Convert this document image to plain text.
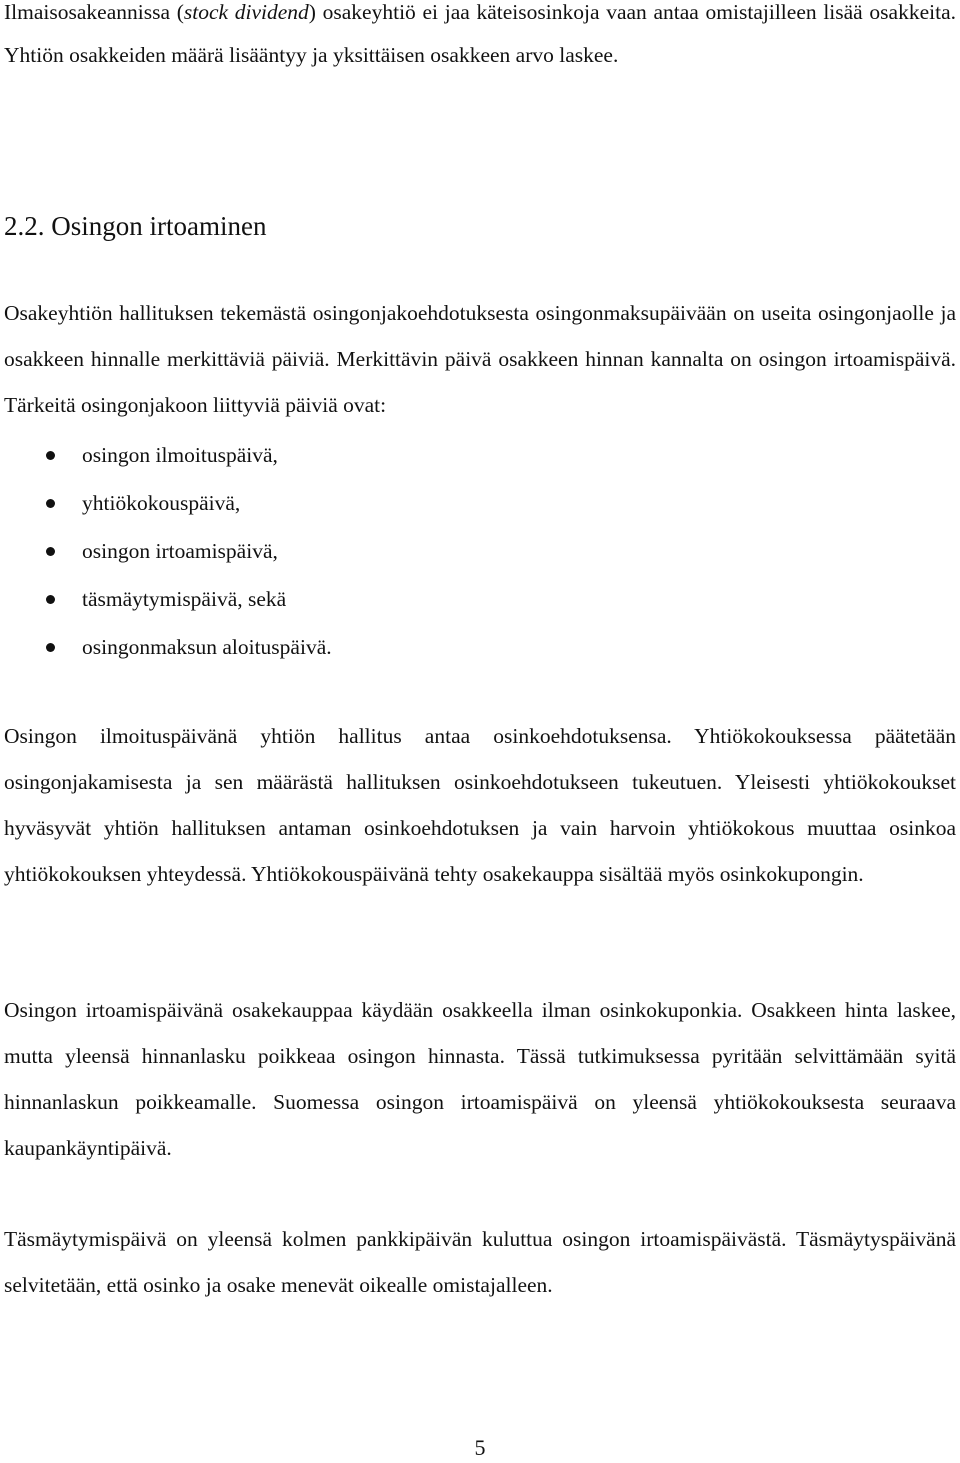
Ilmaisosakeannissa (stock dividend) osakeyhtiö ei jaa käteisosinkoja vaan antaa omistajilleen lisää osakkeita. Yhtiön osakkeiden määrä lisääntyy ja yksittäisen osakkeen arvo laskee.

2.2. Osingon irtoaminen

Osakeyhtiön hallituksen tekemästä osingonjakoehdotuksesta osingonmaksupäivään on useita osingonjaolle ja osakkeen hinnalle merkittäviä päiviä. Merkittävin päivä osakkeen hinnan kannalta on osingon irtoamispäivä. Tärkeitä osingonjakoon liittyviä päiviä ovat:

osingon ilmoituspäivä,
yhtiökokouspäivä,
osingon irtoamispäivä,
täsmäytymispäivä, sekä
osingonmaksun aloituspäivä.

Osingon ilmoituspäivänä yhtiön hallitus antaa osinkoehdotuksensa. Yhtiökokouksessa päätetään osingonjakamisesta ja sen määrästä hallituksen osinkoehdotukseen tukeutuen. Yleisesti yhtiökokoukset hyväsyvät yhtiön hallituksen antaman osinkoehdotuksen ja vain harvoin yhtiökokous muuttaa osinkoa yhtiökokouksen yhteydessä. Yhtiökokouspäivänä tehty osakekauppa sisältää myös osinkokupongin.

Osingon irtoamispäivänä osakekauppaa käydään osakkeella ilman osinkokuponkia. Osakkeen hinta laskee, mutta yleensä hinnanlasku poikkeaa osingon hinnasta. Tässä tutkimuksessa pyritään selvittämään syitä hinnanlaskun poikkeamalle. Suomessa osingon irtoamispäivä on yleensä yhtiökokouksesta seuraava kaupankäyntipäivä.

Täsmäytymispäivä on yleensä kolmen pankkipäivän kuluttua osingon irtoamispäivästä. Täsmäytyspäivänä selvitetään, että osinko ja osake menevät oikealle omistajalleen.

5
